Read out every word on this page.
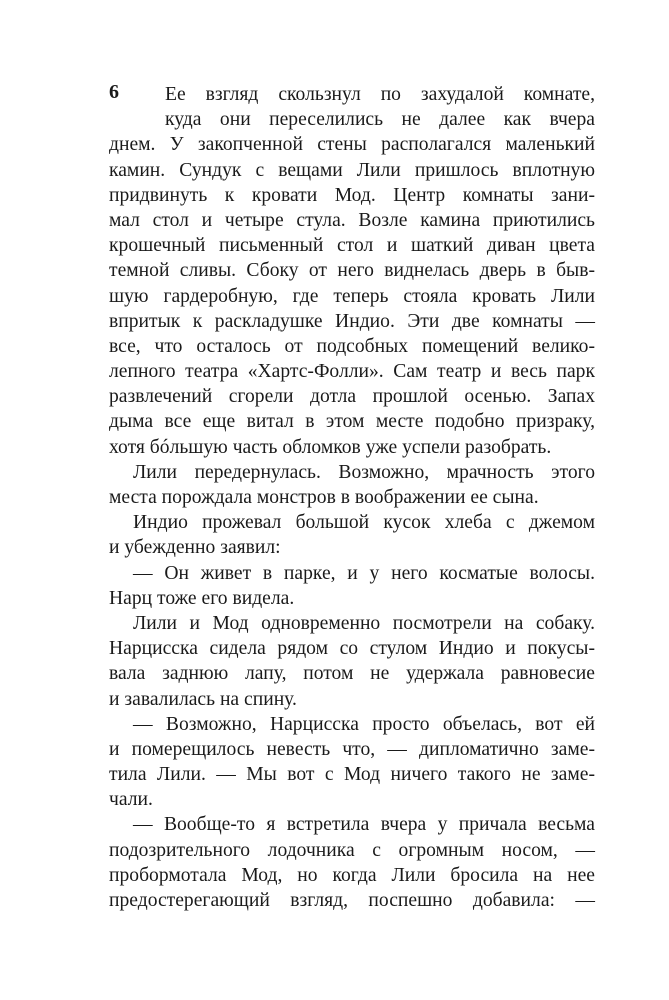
6	Ее взгляд скользнул по захудалой комнате,
куда они переселились не далее как вчера
днем. У закопченной стены располагался маленький
камин. Сундук с вещами Лили пришлось вплотную
придвинуть к кровати Мод. Центр комнаты зани-
мал стол и четыре стула. Возле камина приютились
крошечный письменный стол и шаткий диван цвета
темной сливы. Сбоку от него виднелась дверь в быв-
шую гардеробную, где теперь стояла кровать Лили
впритык к раскладушке Индио. Эти две комнаты —
все, что осталось от подсобных помещений велико-
лепного театра «Хартс-Фолли». Сам театр и весь парк
развлечений сгорели дотла прошлой осенью. Запах
дыма все еще витал в этом месте подобно призраку,
хотя бóльшую часть обломков уже успели разобрать.
Лили передернулась. Возможно, мрачность этого
места порождала монстров в воображении ее сына.
Индио прожевал большой кусок хлеба с джемом
и убежденно заявил:
— Он живет в парке, и у него косматые волосы.
Нарц тоже его видела.
Лили и Мод одновременно посмотрели на собаку.
Нарцисска сидела рядом со стулом Индио и покусы-
вала заднюю лапу, потом не удержала равновесие
и завалилась на спину.
— Возможно, Нарцисска просто объелась, вот ей
и померещилось невесть что, — дипломатично заме-
тила Лили. — Мы вот с Мод ничего такого не заме-
чали.
— Вообще-то я встретила вчера у причала весьма
подозрительного лодочника с огромным носом, —
пробормотала Мод, но когда Лили бросила на нее
предостерегающий взгляд, поспешно добавила: —
